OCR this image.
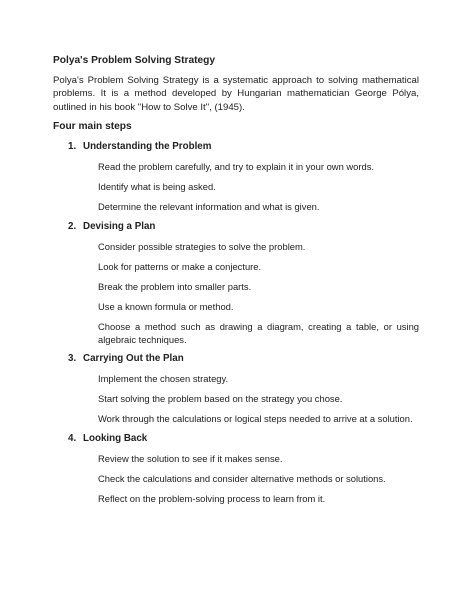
Polya's Problem Solving Strategy

Polya's Problem Solving Strategy is a systematic approach to solving mathematical problems. It is a method developed by Hungarian mathematician George Pólya, outlined in his book "How to Solve It", (1945).

Four main steps

1. Understanding the Problem

Read the problem carefully, and try to explain it in your own words.

Identify what is being asked.

Determine the relevant information and what is given.

2. Devising a Plan

Consider possible strategies to solve the problem.

Look for patterns or make a conjecture.

Break the problem into smaller parts.

Use a known formula or method.

Choose a method such as drawing a diagram, creating a table, or using algebraic techniques.

3. Carrying Out the Plan

Implement the chosen strategy.

Start solving the problem based on the strategy you chose.

Work through the calculations or logical steps needed to arrive at a solution.

4. Looking Back

Review the solution to see if it makes sense.

Check the calculations and consider alternative methods or solutions.

Reflect on the problem-solving process to learn from it.
